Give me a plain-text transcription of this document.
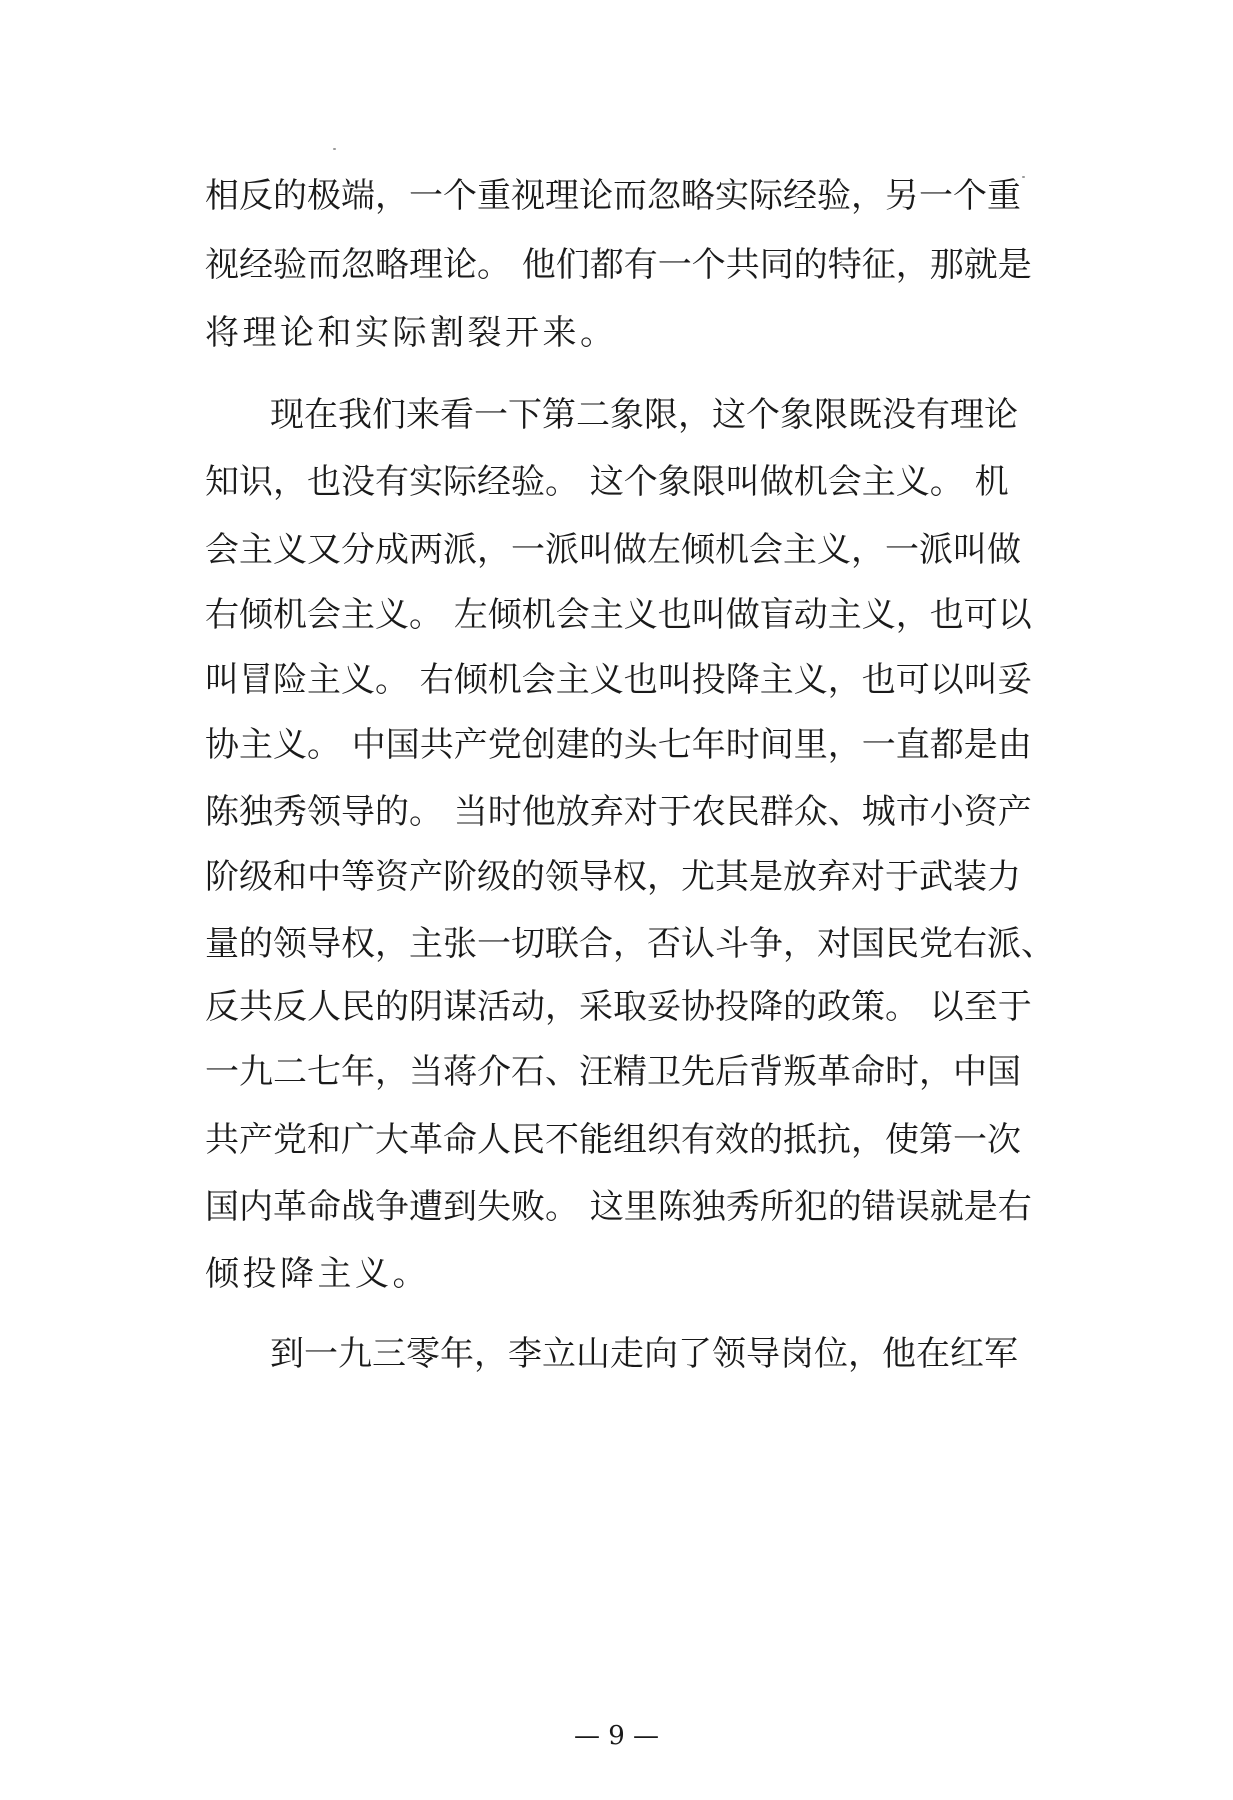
相反的极端，一个重视理论而忽略实际经验，另一个重
视经验而忽略理论。 他们都有一个共同的特征，那就是
将理论和实际割裂开来。
现在我们来看一下第二象限，这个象限既没有理论
知识，也没有实际经验。 这个象限叫做机会主义。 机
会主义又分成两派，一派叫做左倾机会主义，一派叫做
右倾机会主义。 左倾机会主义也叫做盲动主义，也可以
叫冒险主义。 右倾机会主义也叫投降主义，也可以叫妥
协主义。 中国共产党创建的头七年时间里，一直都是由
陈独秀领导的。 当时他放弃对于农民群众、城市小资产
阶级和中等资产阶级的领导权，尤其是放弃对于武装力
量的领导权，主张一切联合，否认斗争，对国民党右派、
反共反人民的阴谋活动，采取妥协投降的政策。 以至于
一九二七年，当蒋介石、汪精卫先后背叛革命时，中国
共产党和广大革命人民不能组织有效的抵抗，使第一次
国内革命战争遭到失败。 这里陈独秀所犯的错误就是右
倾投降主义。
到一九三零年，李立山走向了领导岗位，他在红军
— 9 —
